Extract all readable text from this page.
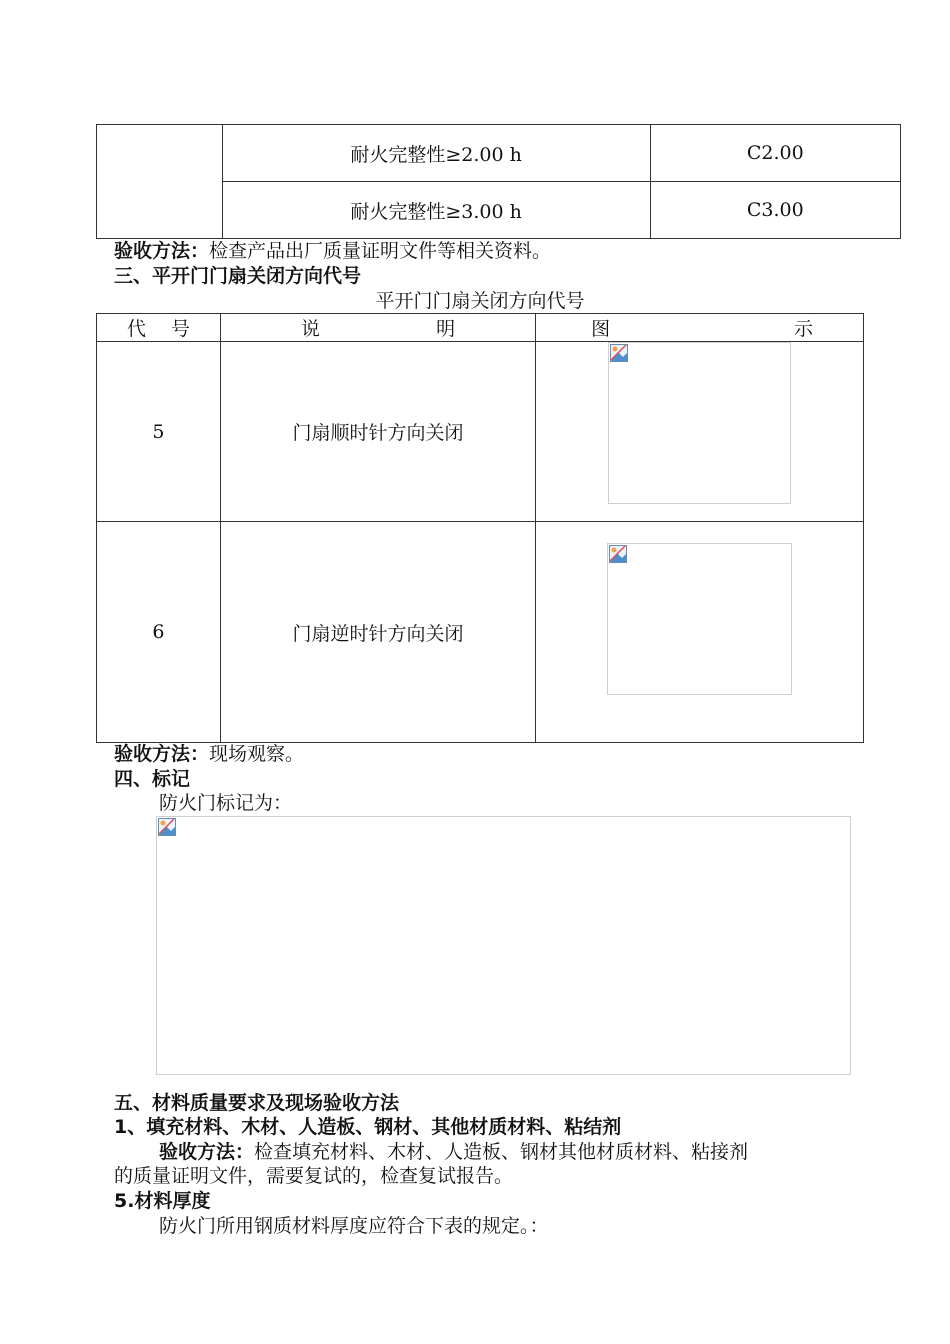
	耐火完整性≥2.00 h	C2.00
	耐火完整性≥3.00 h	C3.00
验收方法：检查产品出厂质量证明文件等相关资料。
三、平开门门扇关闭方向代号
平开门门扇关闭方向代号
代 号	说 明	图 示

5	门扇顺时针方向关闭	
6	门扇逆时针方向关闭	
验收方法：现场观察。
四、标记
防火门标记为：
五、材料质量要求及现场验收方法
1、填充材料、木材、人造板、钢材、其他材质材料、粘结剂
验收方法：检查填充材料、木材、人造板、钢材其他材质材料、粘接剂
的质量证明文件，需要复试的，检查复试报告。
5.材料厚度
防火门所用钢质材料厚度应符合下表的规定。：
